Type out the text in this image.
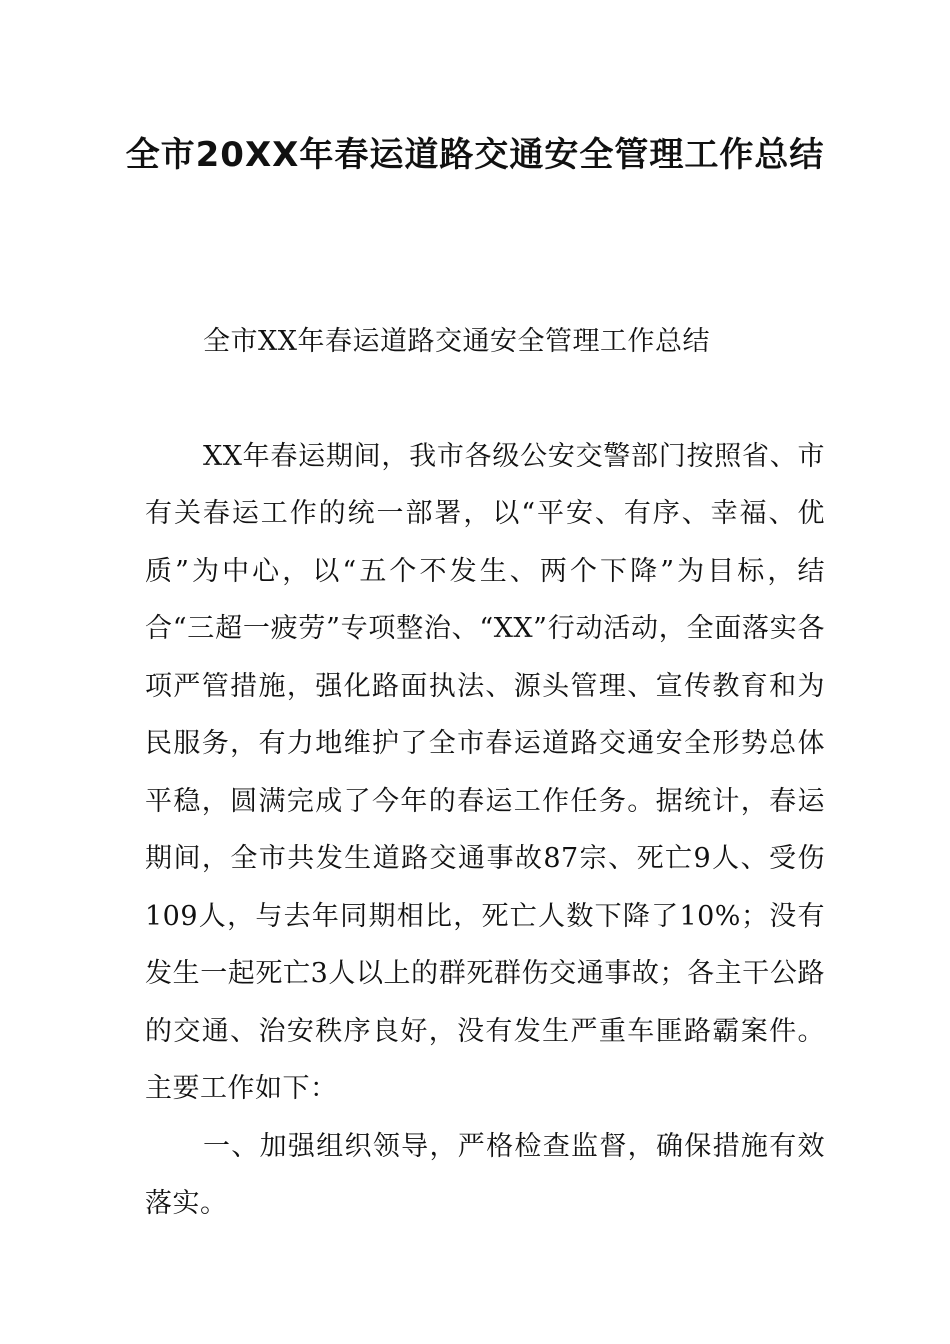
全市20XX年春运道路交通安全管理工作总结

全市XX年春运道路交通安全管理工作总结

XX年春运期间，我市各级公安交警部门按照省、市有关春运工作的统一部署，以“平安、有序、幸福、优质”为中心，以“五个不发生、两个下降”为目标，结合“三超一疲劳”专项整治、“XX”行动活动，全面落实各项严管措施，强化路面执法、源头管理、宣传教育和为民服务，有力地维护了全市春运道路交通安全形势总体平稳，圆满完成了今年的春运工作任务。据统计，春运期间，全市共发生道路交通事故87宗、死亡9人、受伤109人，与去年同期相比，死亡人数下降了10%；没有发生一起死亡3人以上的群死群伤交通事故；各主干公路的交通、治安秩序良好，没有发生严重车匪路霸案件。主要工作如下：

一、加强组织领导，严格检查监督，确保措施有效落实。
